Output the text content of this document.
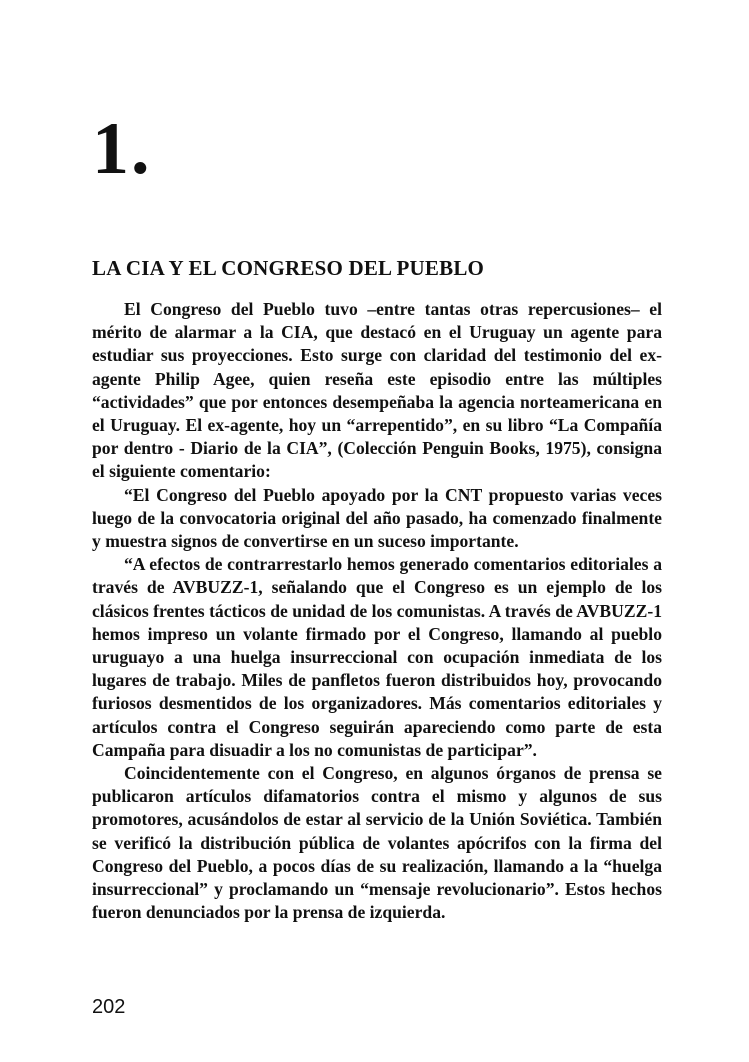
1.
LA CIA Y EL CONGRESO DEL PUEBLO

El Congreso del Pueblo tuvo –entre tantas otras repercusiones– el mérito de alarmar a la CIA, que destacó en el Uruguay un agente para estudiar sus proyecciones. Esto surge con claridad del testimonio del ex-agente Philip Agee, quien reseña este episodio entre las múltiples “actividades” que por entonces desempeñaba la agencia norteamericana en el Uruguay. El ex-agente, hoy un “arrepentido”, en su libro “La Compañía por dentro - Diario de la CIA”, (Colección Penguin Books, 1975), consigna el siguiente comentario:

“El Congreso del Pueblo apoyado por la CNT propuesto varias veces luego de la convocatoria original del año pasado, ha comenzado finalmente y muestra signos de convertirse en un suceso importante.

“A efectos de contrarrestarlo hemos generado comentarios editoriales a través de AVBUZZ-1, señalando que el Congreso es un ejemplo de los clásicos frentes tácticos de unidad de los comunistas. A través de AVBUZZ-1 hemos impreso un volante firmado por el Congreso, llamando al pueblo uruguayo a una huelga insurreccional con ocupación inmediata de los lugares de trabajo. Miles de panfletos fueron distribuidos hoy, provocando furiosos desmentidos de los organizadores. Más comentarios editoriales y artículos contra el Congreso seguirán apareciendo como parte de esta Campaña para disuadir a los no comunistas de participar”.

Coincidentemente con el Congreso, en algunos órganos de prensa se publicaron artículos difamatorios contra el mismo y algunos de sus promotores, acusándolos de estar al servicio de la Unión Soviética. También se verificó la distribución pública de volantes apócrifos con la firma del Congreso del Pueblo, a pocos días de su realización, llamando a la “huelga insurreccional” y proclamando un “mensaje revolucionario”. Estos hechos fueron denunciados por la prensa de izquierda.

202
